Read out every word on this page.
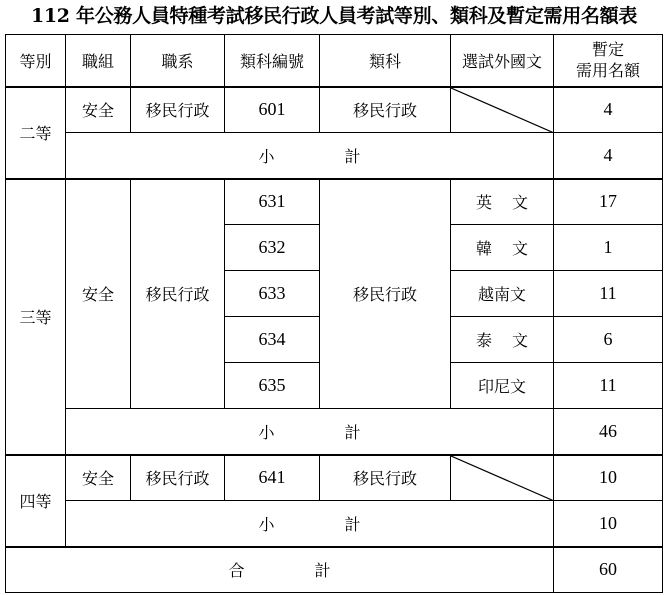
112 年公務人員特種考試移民行政人員考試等別、類科及暫定需用名額表
等別	職組	職系	類科編號	類科	選試外國文	暫定
需用名額
二等	安全	移民行政	601	移民行政		4
	小 計					4
三等	安全	移民行政	631	移民行政	英 文	17
			632		韓 文	1
			633		越南文	11
			634		泰 文	6
			635		印尼文	11
	小 計					46
四等	安全	移民行政	641	移民行政		10
	小 計					10
合 計						60
